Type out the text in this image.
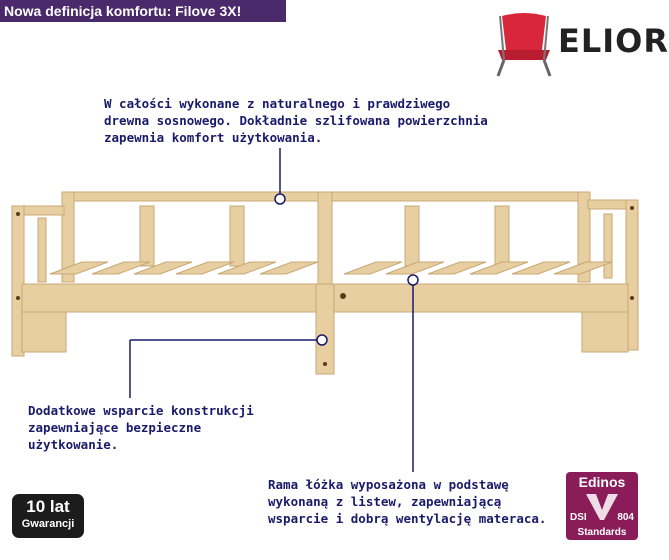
Nowa definicja komfortu: Filove 3X!
ELIOR
W całości wykonane z naturalnego i prawdziwego
drewna sosnowego. Dokładnie szlifowana powierzchnia
zapewnia komfort użytkowania.
Dodatkowe wsparcie konstrukcji
zapewniające bezpieczne
użytkowanie.
Rama łóżka wyposażona w podstawę
wykonaną z listew, zapewniającą
wsparcie i dobrą wentylację materaca.
10 lat
Gwarancji
Edinos
DSI	804
Standards
